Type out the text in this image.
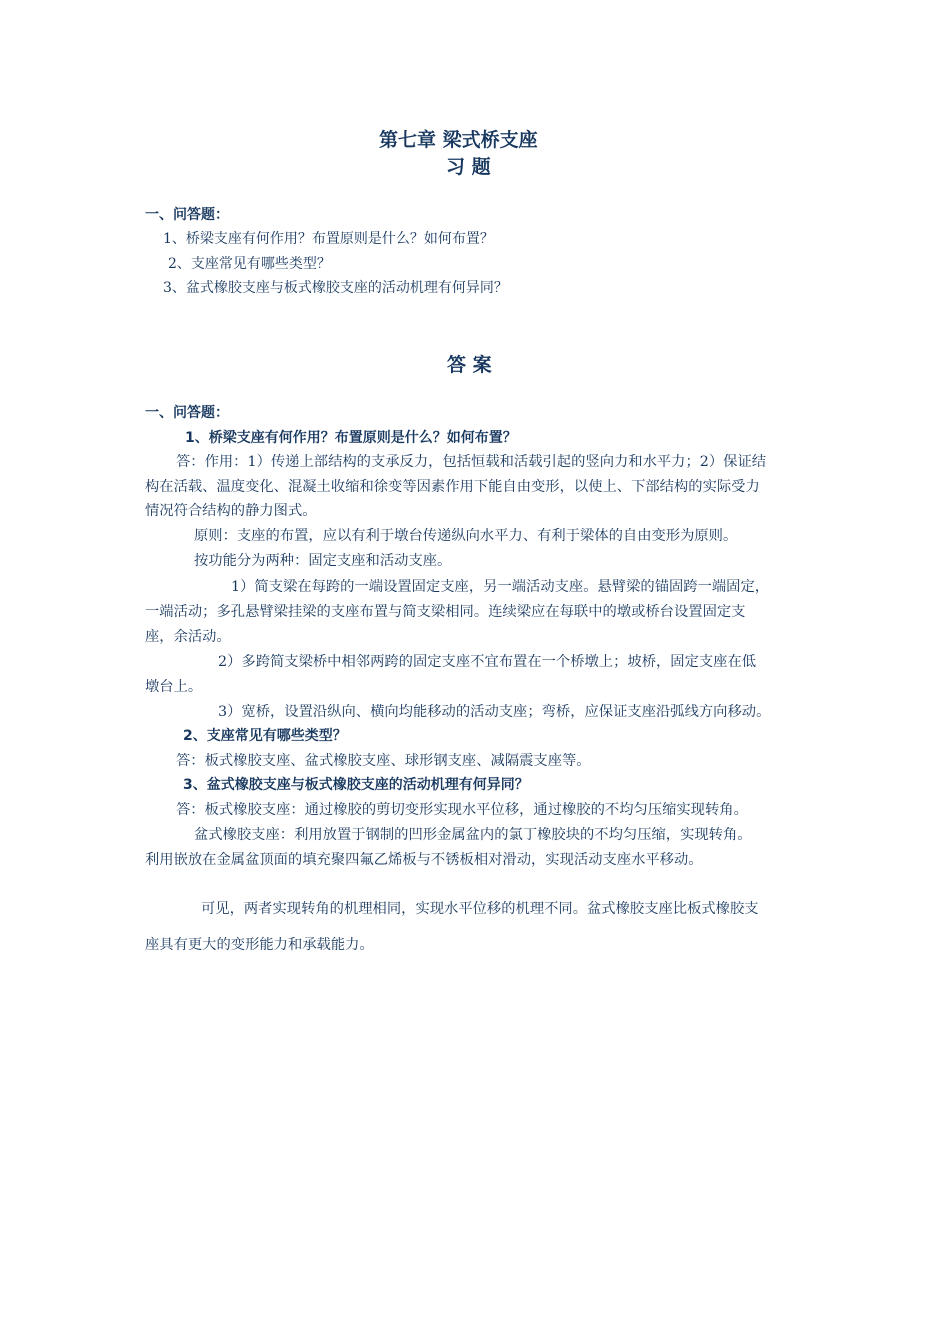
第七章 梁式桥支座
习 题
一、问答题：
1、桥梁支座有何作用？布置原则是什么？如何布置？
2、支座常见有哪些类型？
3、盆式橡胶支座与板式橡胶支座的活动机理有何异同？
答 案
一、问答题：
1、桥梁支座有何作用？布置原则是什么？如何布置？
答：作用：1）传递上部结构的支承反力，包括恒载和活载引起的竖向力和水平力；2）保证结
构在活载、温度变化、混凝土收缩和徐变等因素作用下能自由变形，以使上、下部结构的实际受力
情况符合结构的静力图式。
原则：支座的布置，应以有利于墩台传递纵向水平力、有利于梁体的自由变形为原则。
按功能分为两种：固定支座和活动支座。
1）简支梁在每跨的一端设置固定支座，另一端活动支座。悬臂梁的锚固跨一端固定，
一端活动；多孔悬臂梁挂梁的支座布置与简支梁相同。连续梁应在每联中的墩或桥台设置固定支
座，余活动。
2）多跨简支梁桥中相邻两跨的固定支座不宜布置在一个桥墩上；坡桥，固定支座在低
墩台上。
3）宽桥，设置沿纵向、横向均能移动的活动支座；弯桥，应保证支座沿弧线方向移动。
2、支座常见有哪些类型？
答：板式橡胶支座、盆式橡胶支座、球形钢支座、减隔震支座等。
3、盆式橡胶支座与板式橡胶支座的活动机理有何异同？
答：板式橡胶支座：通过橡胶的剪切变形实现水平位移，通过橡胶的不均匀压缩实现转角。
盆式橡胶支座：利用放置于钢制的凹形金属盆内的氯丁橡胶块的不均匀压缩，实现转角。
利用嵌放在金属盆顶面的填充聚四氟乙烯板与不锈板相对滑动，实现活动支座水平移动。
可见，两者实现转角的机理相同，实现水平位移的机理不同。盆式橡胶支座比板式橡胶支
座具有更大的变形能力和承载能力。
